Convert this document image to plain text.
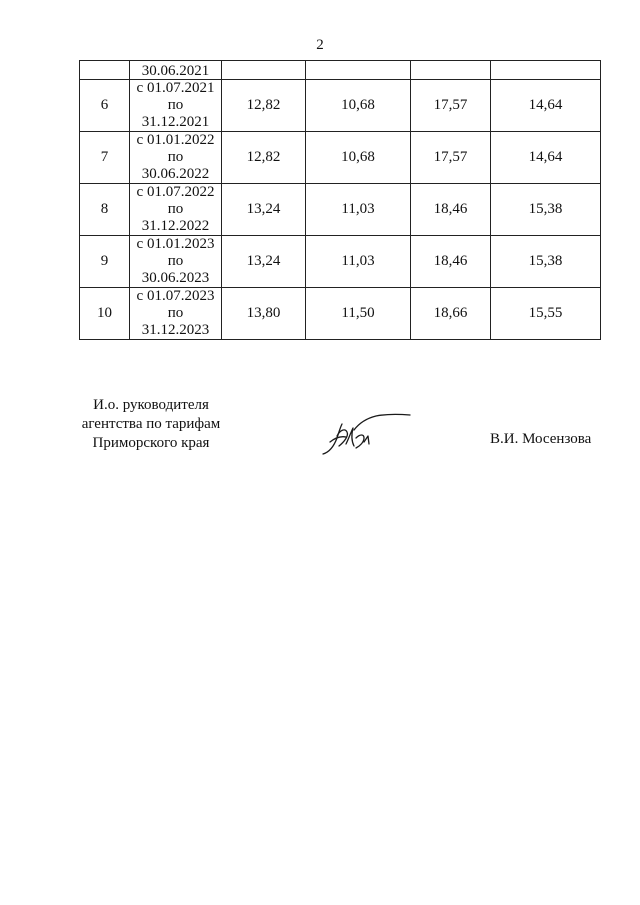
2
	30.06.2021				
6	с 01.07.2021
по
31.12.2021	12,82	10,68	17,57	14,64
7	с 01.01.2022
по
30.06.2022	12,82	10,68	17,57	14,64
8	с 01.07.2022
по
31.12.2022	13,24	11,03	18,46	15,38
9	с 01.01.2023
по
30.06.2023	13,24	11,03	18,46	15,38
10	с 01.07.2023
по
31.12.2023	13,80	11,50	18,66	15,55
И.о. руководителя
агентства по тарифам
Приморского края	В.И. Мосензова
